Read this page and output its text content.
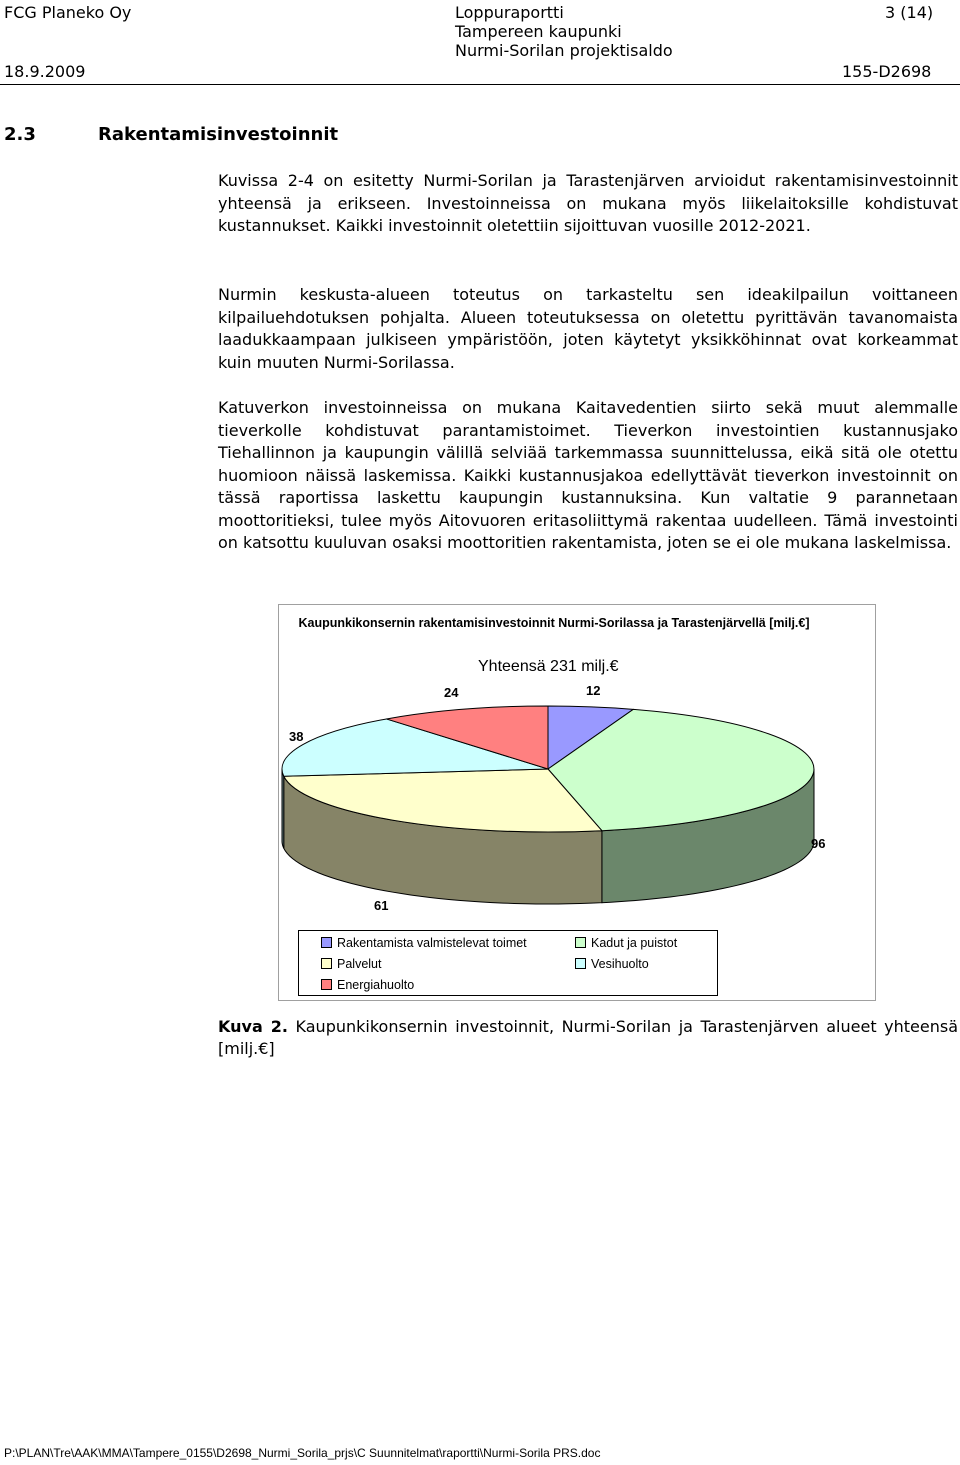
FCG Planeko Oy	Loppuraportti
Tampereen kaupunki
Nurmi-Sorilan projektisaldo
3 (14)
18.9.2009	155-D2698
2.3	Rakentamisinvestoinnit

Kuvissa 2-4 on esitetty Nurmi-Sorilan ja Tarastenjärven arvioidut rakentamisinvestoinnit yhteensä ja erikseen. Investoinneissa on mukana myös liikelaitoksille kohdistuvat kustannukset. Kaikki investoinnit oletettiin sijoittuvan vuosille 2012-2021.

Nurmin keskusta-alueen toteutus on tarkasteltu sen ideakilpailun voittaneen kilpailuehdotuksen pohjalta. Alueen toteutuksessa on oletettu pyrittävän tavanomaista laadukkaampaan julkiseen ympäristöön, joten käytetyt yksikköhinnat ovat korkeammat kuin muuten Nurmi-Sorilassa.

Katuverkon investoinneissa on mukana Kaitavedentien siirto sekä muut alemmalle tieverkolle kohdistuvat parantamistoimet. Tieverkon investointien kustannusjako Tiehallinnon ja kaupungin välillä selviää tarkemmassa suunnittelussa, eikä sitä ole otettu huomioon näissä laskemissa. Kaikki kustannusjakoa edellyttävät tieverkon investoinnit on tässä raportissa laskettu kaupungin kustannuksina. Kun valtatie 9 parannetaan moottoritieksi, tulee myös Aitovuoren eritasoliittymä rakentaa uudelleen. Tämä investointi on katsottu kuuluvan osaksi moottoritien rakentamista, joten se ei ole mukana laskelmissa.

Kaupunkikonsernin rakentamisinvestoinnit Nurmi-Sorilassa ja Tarastenjärvellä [milj.€]
Yhteensä 231 milj.€
12
96
61
38
24
Rakentamista valmistelevat toimet
Palvelut
Energiahuolto
Kadut ja puistot
Vesihuolto
Kuva 2. Kaupunkikonsernin investoinnit, Nurmi-Sorilan ja Tarastenjärven alueet yhteensä [milj.€]
P:\PLAN\Tre\AAK\MMA\Tampere_0155\D2698_Nurmi_Sorila_prjs\C Suunnitelmat\raportti\Nurmi-Sorila PRS.doc
